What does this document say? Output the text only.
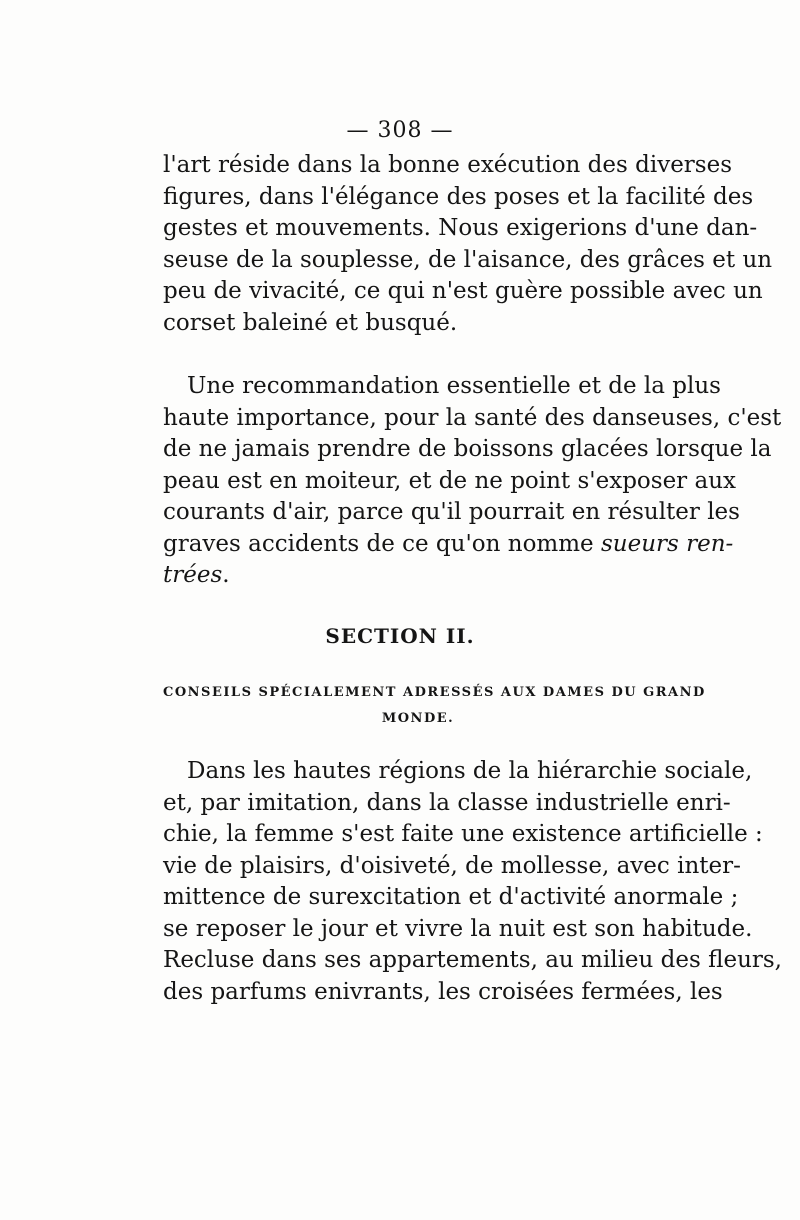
— 308 —
l'art réside dans la bonne exécution des diverses
figures, dans l'élégance des poses et la facilité des
gestes et mouvements. Nous exigerions d'une dan-
seuse de la souplesse, de l'aisance, des grâces et un
peu de vivacité, ce qui n'est guère possible avec un
corset baleiné et busqué.
Une recommandation essentielle et de la plus
haute importance, pour la santé des danseuses, c'est
de ne jamais prendre de boissons glacées lorsque la
peau est en moiteur, et de ne point s'exposer aux
courants d'air, parce qu'il pourrait en résulter les
graves accidents de ce qu'on nomme sueurs ren-
trées.
SECTION II.
CONSEILS SPÉCIALEMENT ADRESSÉS AUX DAMES DU GRAND
MONDE.
Dans les hautes régions de la hiérarchie sociale,
et, par imitation, dans la classe industrielle enri-
chie, la femme s'est faite une existence artificielle :
vie de plaisirs, d'oisiveté, de mollesse, avec inter-
mittence de surexcitation et d'activité anormale ;
se reposer le jour et vivre la nuit est son habitude.
Recluse dans ses appartements, au milieu des fleurs,
des parfums enivrants, les croisées fermées, les
